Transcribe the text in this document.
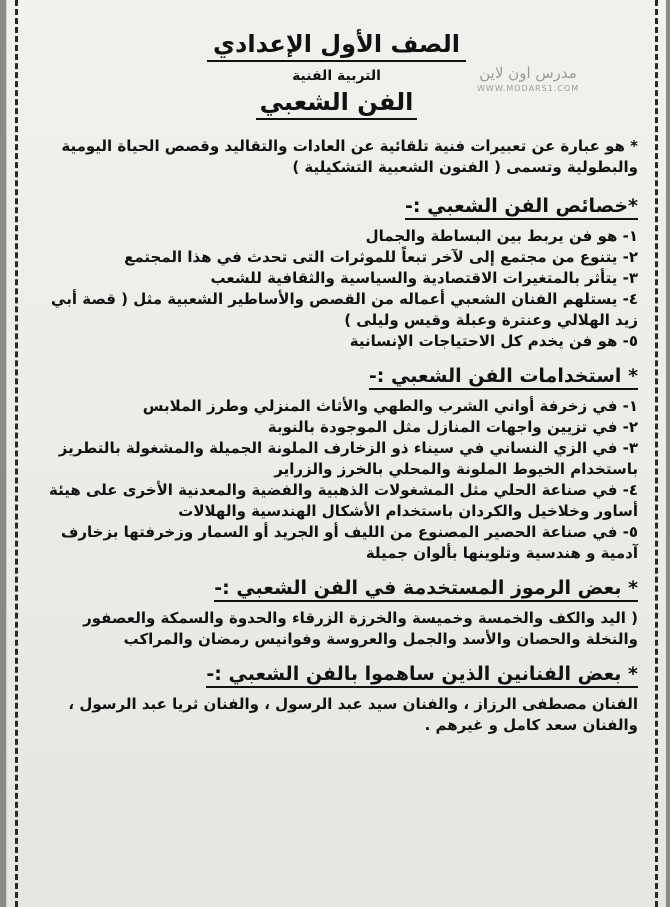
الصف الأول الإعدادي
التربية الفنية
الفن الشعبي
مدرس اون لاين
WWW.MODARS1.COM

* هو عبارة عن تعبيرات فنية تلقائية عن العادات والتقاليد وقصص الحياة اليومية والبطولية وتسمى ( الفنون الشعبية التشكيلية )

*خصائص الفن الشعبي :-
١- هو فن يربط بين البساطة والجمال
٢- يتنوع من مجتمع إلى لآخر تبعاً للموثرات التى تحدث في هذا المجتمع
٣- يتأثر بالمتغيرات الاقتصادية والسياسية والثقافية للشعب
٤- يستلهم الفنان الشعبي أعماله من القصص والأساطير الشعبية مثل ( قصة أبي زيد الهلالي وعنترة وعبلة وقيس وليلى )
٥- هو فن يخدم كل الاحتياجات الإنسانية
* استخدامات الفن الشعبي :-
١- في زخرفة أواني الشرب والطهي والأثاث المنزلي وطرز الملابس
٢- في تزيين واجهات المنازل مثل الموجودة بالنوبة
٣- في الزي النساني في سيناء ذو الزخارف الملونة الجميلة والمشغولة بالتطريز باستخدام الخيوط الملونة والمحلي بالخرز والزراير
٤- في صناعة الحلي مثل المشغولات الذهبية والفضية والمعدنية الأخرى على هيئة أساور وخلاخيل والكردان باستخدام الأشكال الهندسية والهلالات
٥- في صناعة الحصير المصنوع من الليف أو الجريد أو السمار وزخرفتها بزخارف آدمية و هندسية وتلوينها بألوان جميلة
* بعض الرموز المستخدمة في الفن الشعبي :-

( اليد والكف والخمسة وخميسة والخرزة الزرقاء والحدوة والسمكة والعصفور والنخلة والحصان والأسد والجمل والعروسة وفوانيس رمضان والمراكب

* بعض الفنانين الذين ساهموا بالفن الشعبي :-

الفنان مصطفى الرزاز ، والفنان سيد عبد الرسول ، والفنان ثريا عبد الرسول ، والفنان سعد كامل و غيرهم .
